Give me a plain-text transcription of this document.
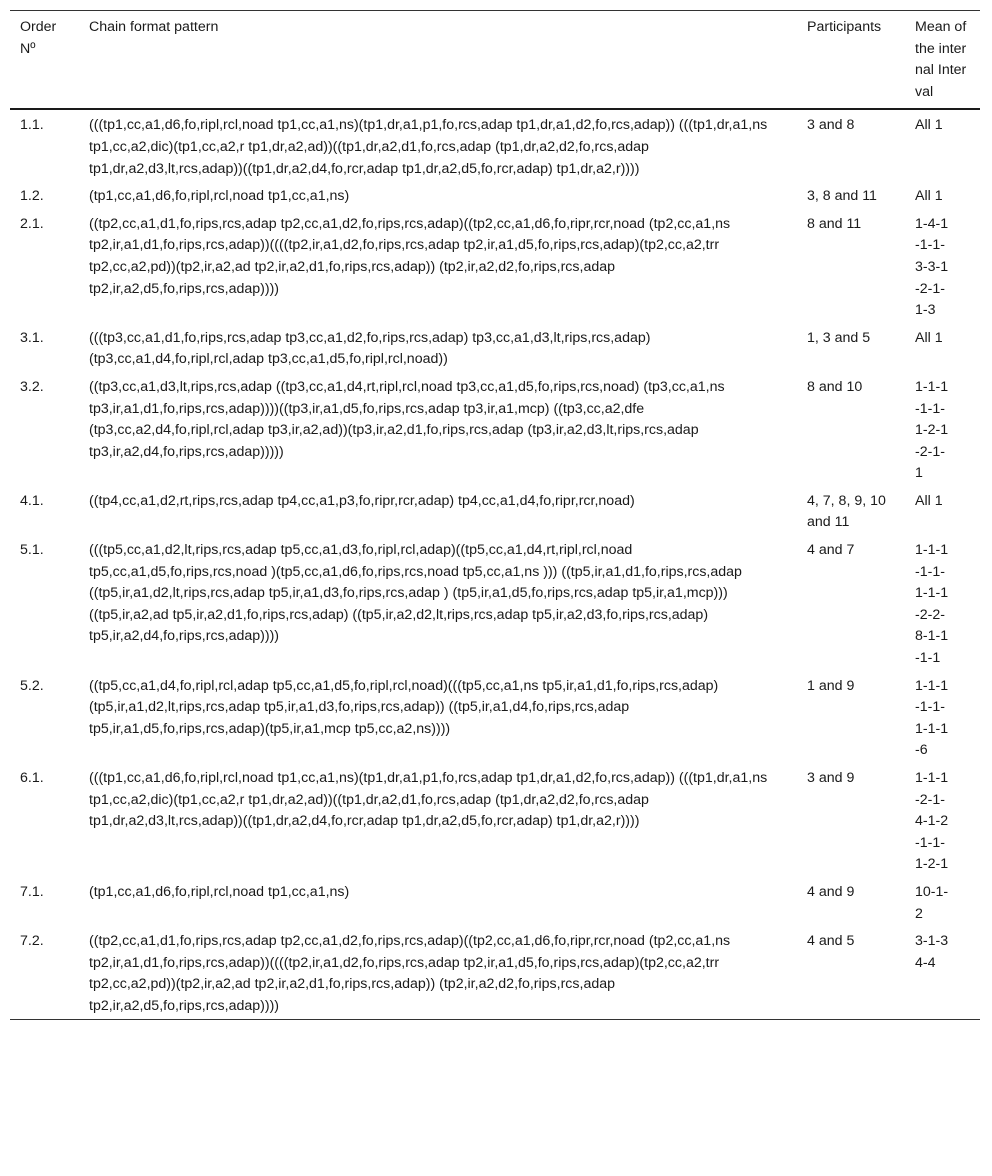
Order Nº	Chain format pattern	Participants	Mean of the internal Interval

1.1.	(((tp1,cc,a1,d6,fo,ripl,rcl,noad tp1,cc,a1,ns)(tp1,dr,a1,p1,fo,rcs,adap tp1,dr,a1,d2,fo,rcs,adap)) (((tp1,dr,a1,ns tp1,cc,a2,dic)(tp1,cc,a2,r tp1,dr,a2,ad))((tp1,dr,a2,d1,fo,rcs,adap (tp1,dr,a2,d2,fo,rcs,adap tp1,dr,a2,d3,lt,rcs,adap))((tp1,dr,a2,d4,fo,rcr,adap tp1,dr,a2,d5,fo,rcr,adap) tp1,dr,a2,r))))	3 and 8	All 1

1.2.	(tp1,cc,a1,d6,fo,ripl,rcl,noad tp1,cc,a1,ns)	3, 8 and 11	All 1

2.1.	((tp2,cc,a1,d1,fo,rips,rcs,adap tp2,cc,a1,d2,fo,rips,rcs,adap)((tp2,cc,a1,d6,fo,ripr,rcr,noad (tp2,cc,a1,ns tp2,ir,a1,d1,fo,rips,rcs,adap))((((tp2,ir,a1,d2,fo,rips,rcs,adap tp2,ir,a1,d5,fo,rips,rcs,adap)(tp2,cc,a2,trr tp2,cc,a2,pd))(tp2,ir,a2,ad tp2,ir,a2,d1,fo,rips,rcs,adap)) (tp2,ir,a2,d2,fo,rips,rcs,adap tp2,ir,a2,d5,fo,rips,rcs,adap))))	8 and 11	1-4-1-1-1-3-3-1-2-1-1-3

3.1.	(((tp3,cc,a1,d1,fo,rips,rcs,adap tp3,cc,a1,d2,fo,rips,rcs,adap) tp3,cc,a1,d3,lt,rips,rcs,adap) (tp3,cc,a1,d4,fo,ripl,rcl,adap tp3,cc,a1,d5,fo,ripl,rcl,noad))	1, 3 and 5	All 1

3.2.	((tp3,cc,a1,d3,lt,rips,rcs,adap ((tp3,cc,a1,d4,rt,ripl,rcl,noad tp3,cc,a1,d5,fo,rips,rcs,noad) (tp3,cc,a1,ns tp3,ir,a1,d1,fo,rips,rcs,adap))))((tp3,ir,a1,d5,fo,rips,rcs,adap tp3,ir,a1,mcp) ((tp3,cc,a2,dfe (tp3,cc,a2,d4,fo,ripl,rcl,adap tp3,ir,a2,ad))(tp3,ir,a2,d1,fo,rips,rcs,adap (tp3,ir,a2,d3,lt,rips,rcs,adap tp3,ir,a2,d4,fo,rips,rcs,adap)))))	8 and 10	1-1-1-1-1-1-2-1-2-1-1

4.1.	((tp4,cc,a1,d2,rt,rips,rcs,adap tp4,cc,a1,p3,fo,ripr,rcr,adap) tp4,cc,a1,d4,fo,ripr,rcr,noad)	4, 7, 8, 9, 10 and 11	All 1

5.1.	(((tp5,cc,a1,d2,lt,rips,rcs,adap tp5,cc,a1,d3,fo,ripl,rcl,adap)((tp5,cc,a1,d4,rt,ripl,rcl,noad tp5,cc,a1,d5,fo,rips,rcs,noad )(tp5,cc,a1,d6,fo,rips,rcs,noad tp5,cc,a1,ns ))) ((tp5,ir,a1,d1,fo,rips,rcs,adap ((tp5,ir,a1,d2,lt,rips,rcs,adap tp5,ir,a1,d3,fo,rips,rcs,adap ) (tp5,ir,a1,d5,fo,rips,rcs,adap tp5,ir,a1,mcp)))((tp5,ir,a2,ad tp5,ir,a2,d1,fo,rips,rcs,adap) ((tp5,ir,a2,d2,lt,rips,rcs,adap tp5,ir,a2,d3,fo,rips,rcs,adap) tp5,ir,a2,d4,fo,rips,rcs,adap))))	4 and 7	1-1-1-1-1-1-1-1-2-2-8-1-1-1-1

5.2.	((tp5,cc,a1,d4,fo,ripl,rcl,adap tp5,cc,a1,d5,fo,ripl,rcl,noad)(((tp5,cc,a1,ns tp5,ir,a1,d1,fo,rips,rcs,adap)(tp5,ir,a1,d2,lt,rips,rcs,adap tp5,ir,a1,d3,fo,rips,rcs,adap)) ((tp5,ir,a1,d4,fo,rips,rcs,adap tp5,ir,a1,d5,fo,rips,rcs,adap)(tp5,ir,a1,mcp tp5,cc,a2,ns))))	1 and 9	1-1-1-1-1-1-1-1-6

6.1.	(((tp1,cc,a1,d6,fo,ripl,rcl,noad tp1,cc,a1,ns)(tp1,dr,a1,p1,fo,rcs,adap tp1,dr,a1,d2,fo,rcs,adap)) (((tp1,dr,a1,ns tp1,cc,a2,dic)(tp1,cc,a2,r tp1,dr,a2,ad))((tp1,dr,a2,d1,fo,rcs,adap (tp1,dr,a2,d2,fo,rcs,adap tp1,dr,a2,d3,lt,rcs,adap))((tp1,dr,a2,d4,fo,rcr,adap tp1,dr,a2,d5,fo,rcr,adap) tp1,dr,a2,r))))	3 and 9	1-1-1-2-1-4-1-2-1-1-1-2-1

7.1.	(tp1,cc,a1,d6,fo,ripl,rcl,noad tp1,cc,a1,ns)	4 and 9	10-1-2

7.2.	((tp2,cc,a1,d1,fo,rips,rcs,adap tp2,cc,a1,d2,fo,rips,rcs,adap)((tp2,cc,a1,d6,fo,ripr,rcr,noad (tp2,cc,a1,ns tp2,ir,a1,d1,fo,rips,rcs,adap))((((tp2,ir,a1,d2,fo,rips,rcs,adap tp2,ir,a1,d5,fo,rips,rcs,adap)(tp2,cc,a2,trr tp2,cc,a2,pd))(tp2,ir,a2,ad tp2,ir,a2,d1,fo,rips,rcs,adap)) (tp2,ir,a2,d2,fo,rips,rcs,adap tp2,ir,a2,d5,fo,rips,rcs,adap))))	4 and 5	3-1-34-4
